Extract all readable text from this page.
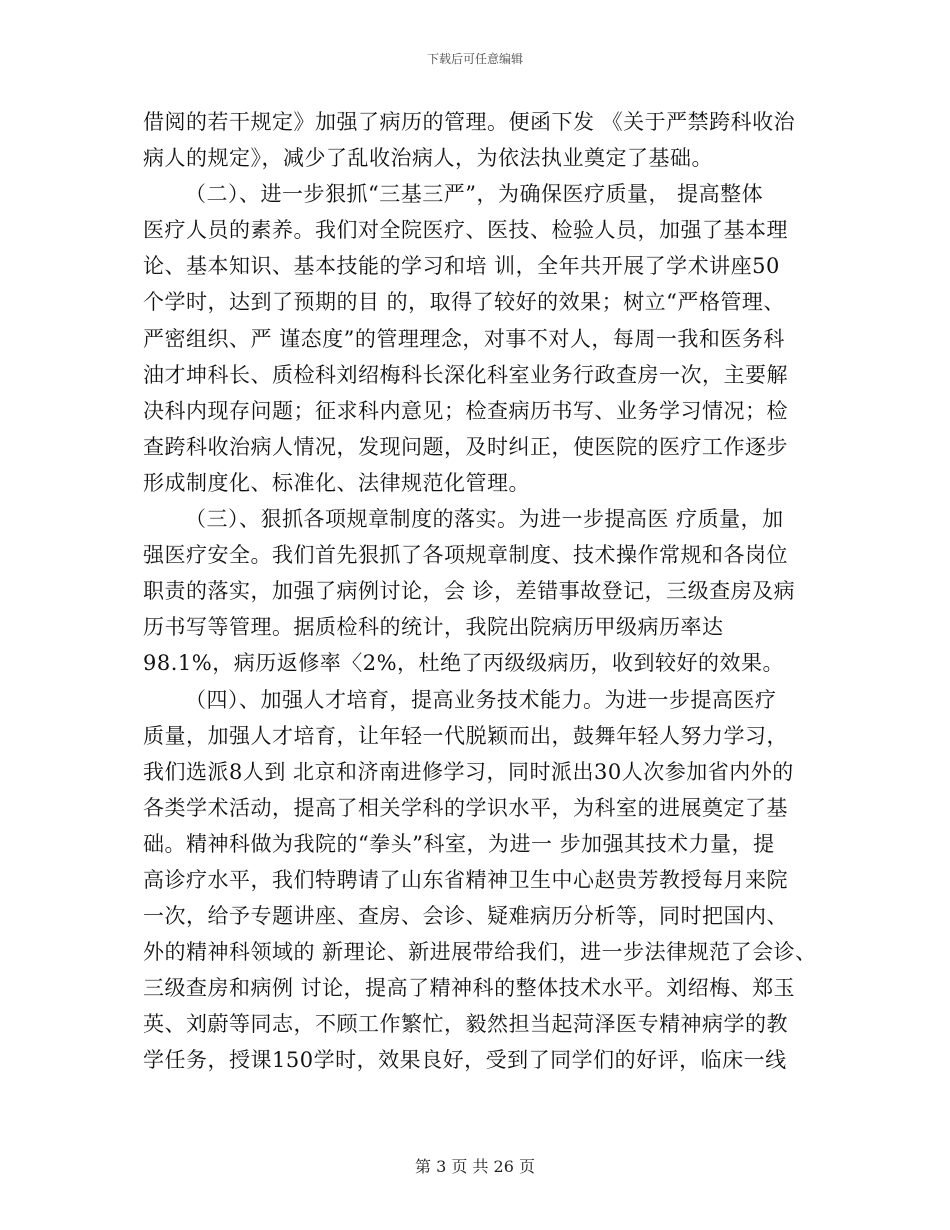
下载后可任意编辑
借阅的若干规定》加强了病历的管理。便函下发 《关于严禁跨科收治
病人的规定》，减少了乱收治病人，为依法执业奠定了基础。
（二）、进一步狠抓“三基三严”，为确保医疗质量， 提高整体
医疗人员的素养。我们对全院医疗、医技、检验人员，加强了基本理
论、基本知识、基本技能的学习和培 训，全年共开展了学术讲座50
个学时，达到了预期的目 的，取得了较好的效果；树立“严格管理、
严密组织、严 谨态度”的管理理念，对事不对人，每周一我和医务科
油才坤科长、质检科刘绍梅科长深化科室业务行政查房一次，主要解
决科内现存问题；征求科内意见；检查病历书写、业务学习情况；检
查跨科收治病人情况，发现问题，及时纠正，使医院的医疗工作逐步
形成制度化、标准化、法律规范化管理。
（三）、狠抓各项规章制度的落实。为进一步提高医 疗质量，加
强医疗安全。我们首先狠抓了各项规章制度、技术操作常规和各岗位
职责的落实，加强了病例讨论，会 诊，差错事故登记，三级查房及病
历书写等管理。据质检科的统计，我院出院病历甲级病历率达
98.1%，病历返修率〈2%，杜绝了丙级级病历，收到较好的效果。
（四）、加强人才培育，提高业务技术能力。为进一步提高医疗
质量，加强人才培育，让年轻一代脱颖而出，鼓舞年轻人努力学习，
我们选派8人到 北京和济南进修学习，同时派出30人次参加省内外的
各类学术活动，提高了相关学科的学识水平，为科室的进展奠定了基
础。精神科做为我院的“拳头”科室，为进一 步加强其技术力量，提
高诊疗水平，我们特聘请了山东省精神卫生中心赵贵芳教授每月来院
一次，给予专题讲座、查房、会诊、疑难病历分析等，同时把国内、
外的精神科领域的 新理论、新进展带给我们，进一步法律规范了会诊、
三级查房和病例 讨论，提高了精神科的整体技术水平。刘绍梅、郑玉
英、刘蔚等同志，不顾工作繁忙，毅然担当起菏泽医专精神病学的教
学任务，授课150学时，效果良好，受到了同学们的好评，临床一线
第 3 页 共 26 页
